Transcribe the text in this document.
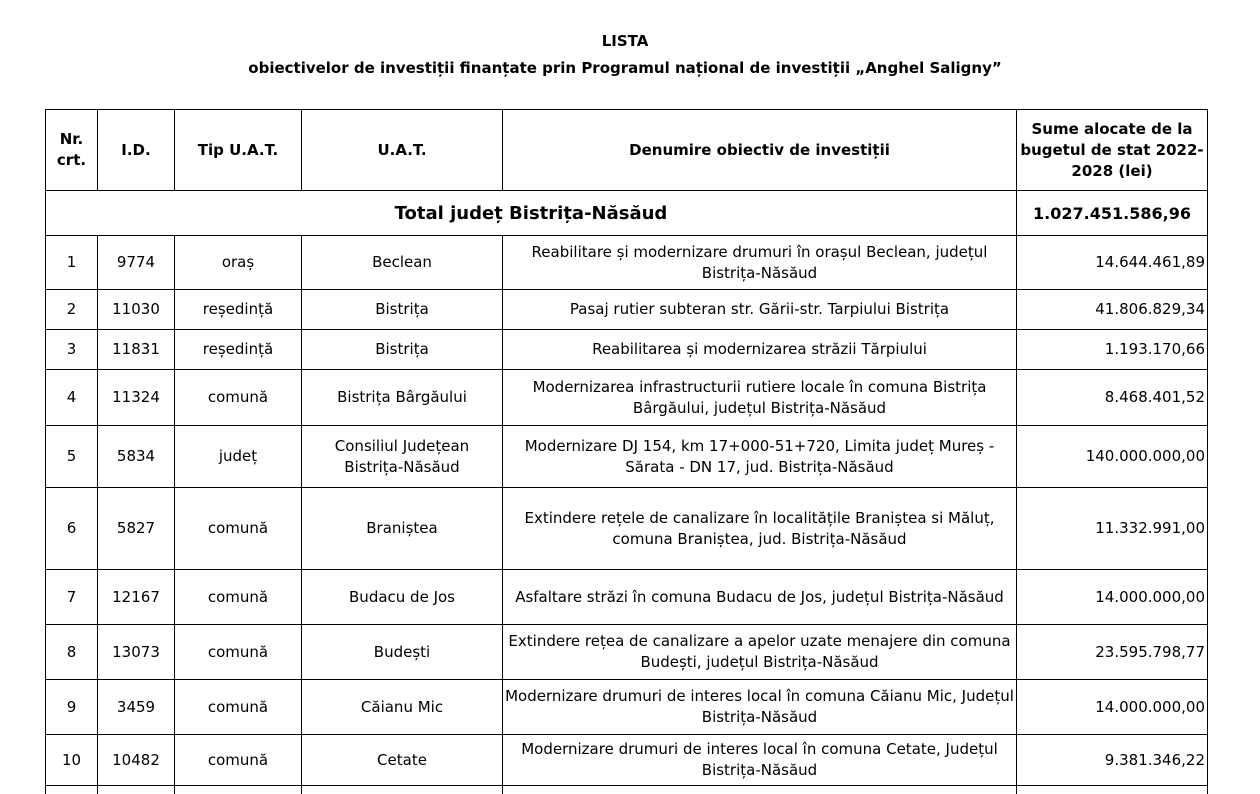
LISTA
obiectivelor de investiții finanțate prin Programul național de investiții „Anghel Saligny”
Nr. crt.	I.D.	Tip U.A.T.	U.A.T.	Denumire obiectiv de investiții	Sume alocate de la bugetul de stat 2022-2028 (lei)
Total județ Bistrița-Năsăud					1.027.451.586,96
1	9774	oraș	Beclean	Reabilitare și modernizare drumuri în orașul Beclean, județul Bistrița-Năsăud	14.644.461,89
2	11030	reședință	Bistrița	Pasaj rutier subteran str. Gării-str. Tarpiului Bistrița	41.806.829,34
3	11831	reședință	Bistrița	Reabilitarea și modernizarea străzii Tărpiului	1.193.170,66
4	11324	comună	Bistrița Bârgăului	Modernizarea infrastructurii rutiere locale în comuna Bistrița Bârgăului, județul Bistrița-Năsăud	8.468.401,52
5	5834	județ	Consiliul Județean Bistrița-Năsăud	Modernizare DJ 154, km 17+000-51+720, Limita județ Mureș - Sărata - DN 17, jud. Bistrița-Năsăud	140.000.000,00
6	5827	comună	Braniștea	Extindere rețele de canalizare în localitățile Braniștea si Măluț, comuna Braniștea, jud. Bistrița-Năsăud	11.332.991,00
7	12167	comună	Budacu de Jos	Asfaltare străzi în comuna Budacu de Jos, județul Bistrița-Năsăud	14.000.000,00
8	13073	comună	Budești	Extindere rețea de canalizare a apelor uzate menajere din comuna Budești, județul Bistrița-Năsăud	23.595.798,77
9	3459	comună	Căianu Mic	Modernizare drumuri de interes local în comuna Căianu Mic, Județul Bistrița-Năsăud	14.000.000,00
10	10482	comună	Cetate	Modernizare drumuri de interes local în comuna Cetate, Județul Bistrița-Năsăud	9.381.346,22
